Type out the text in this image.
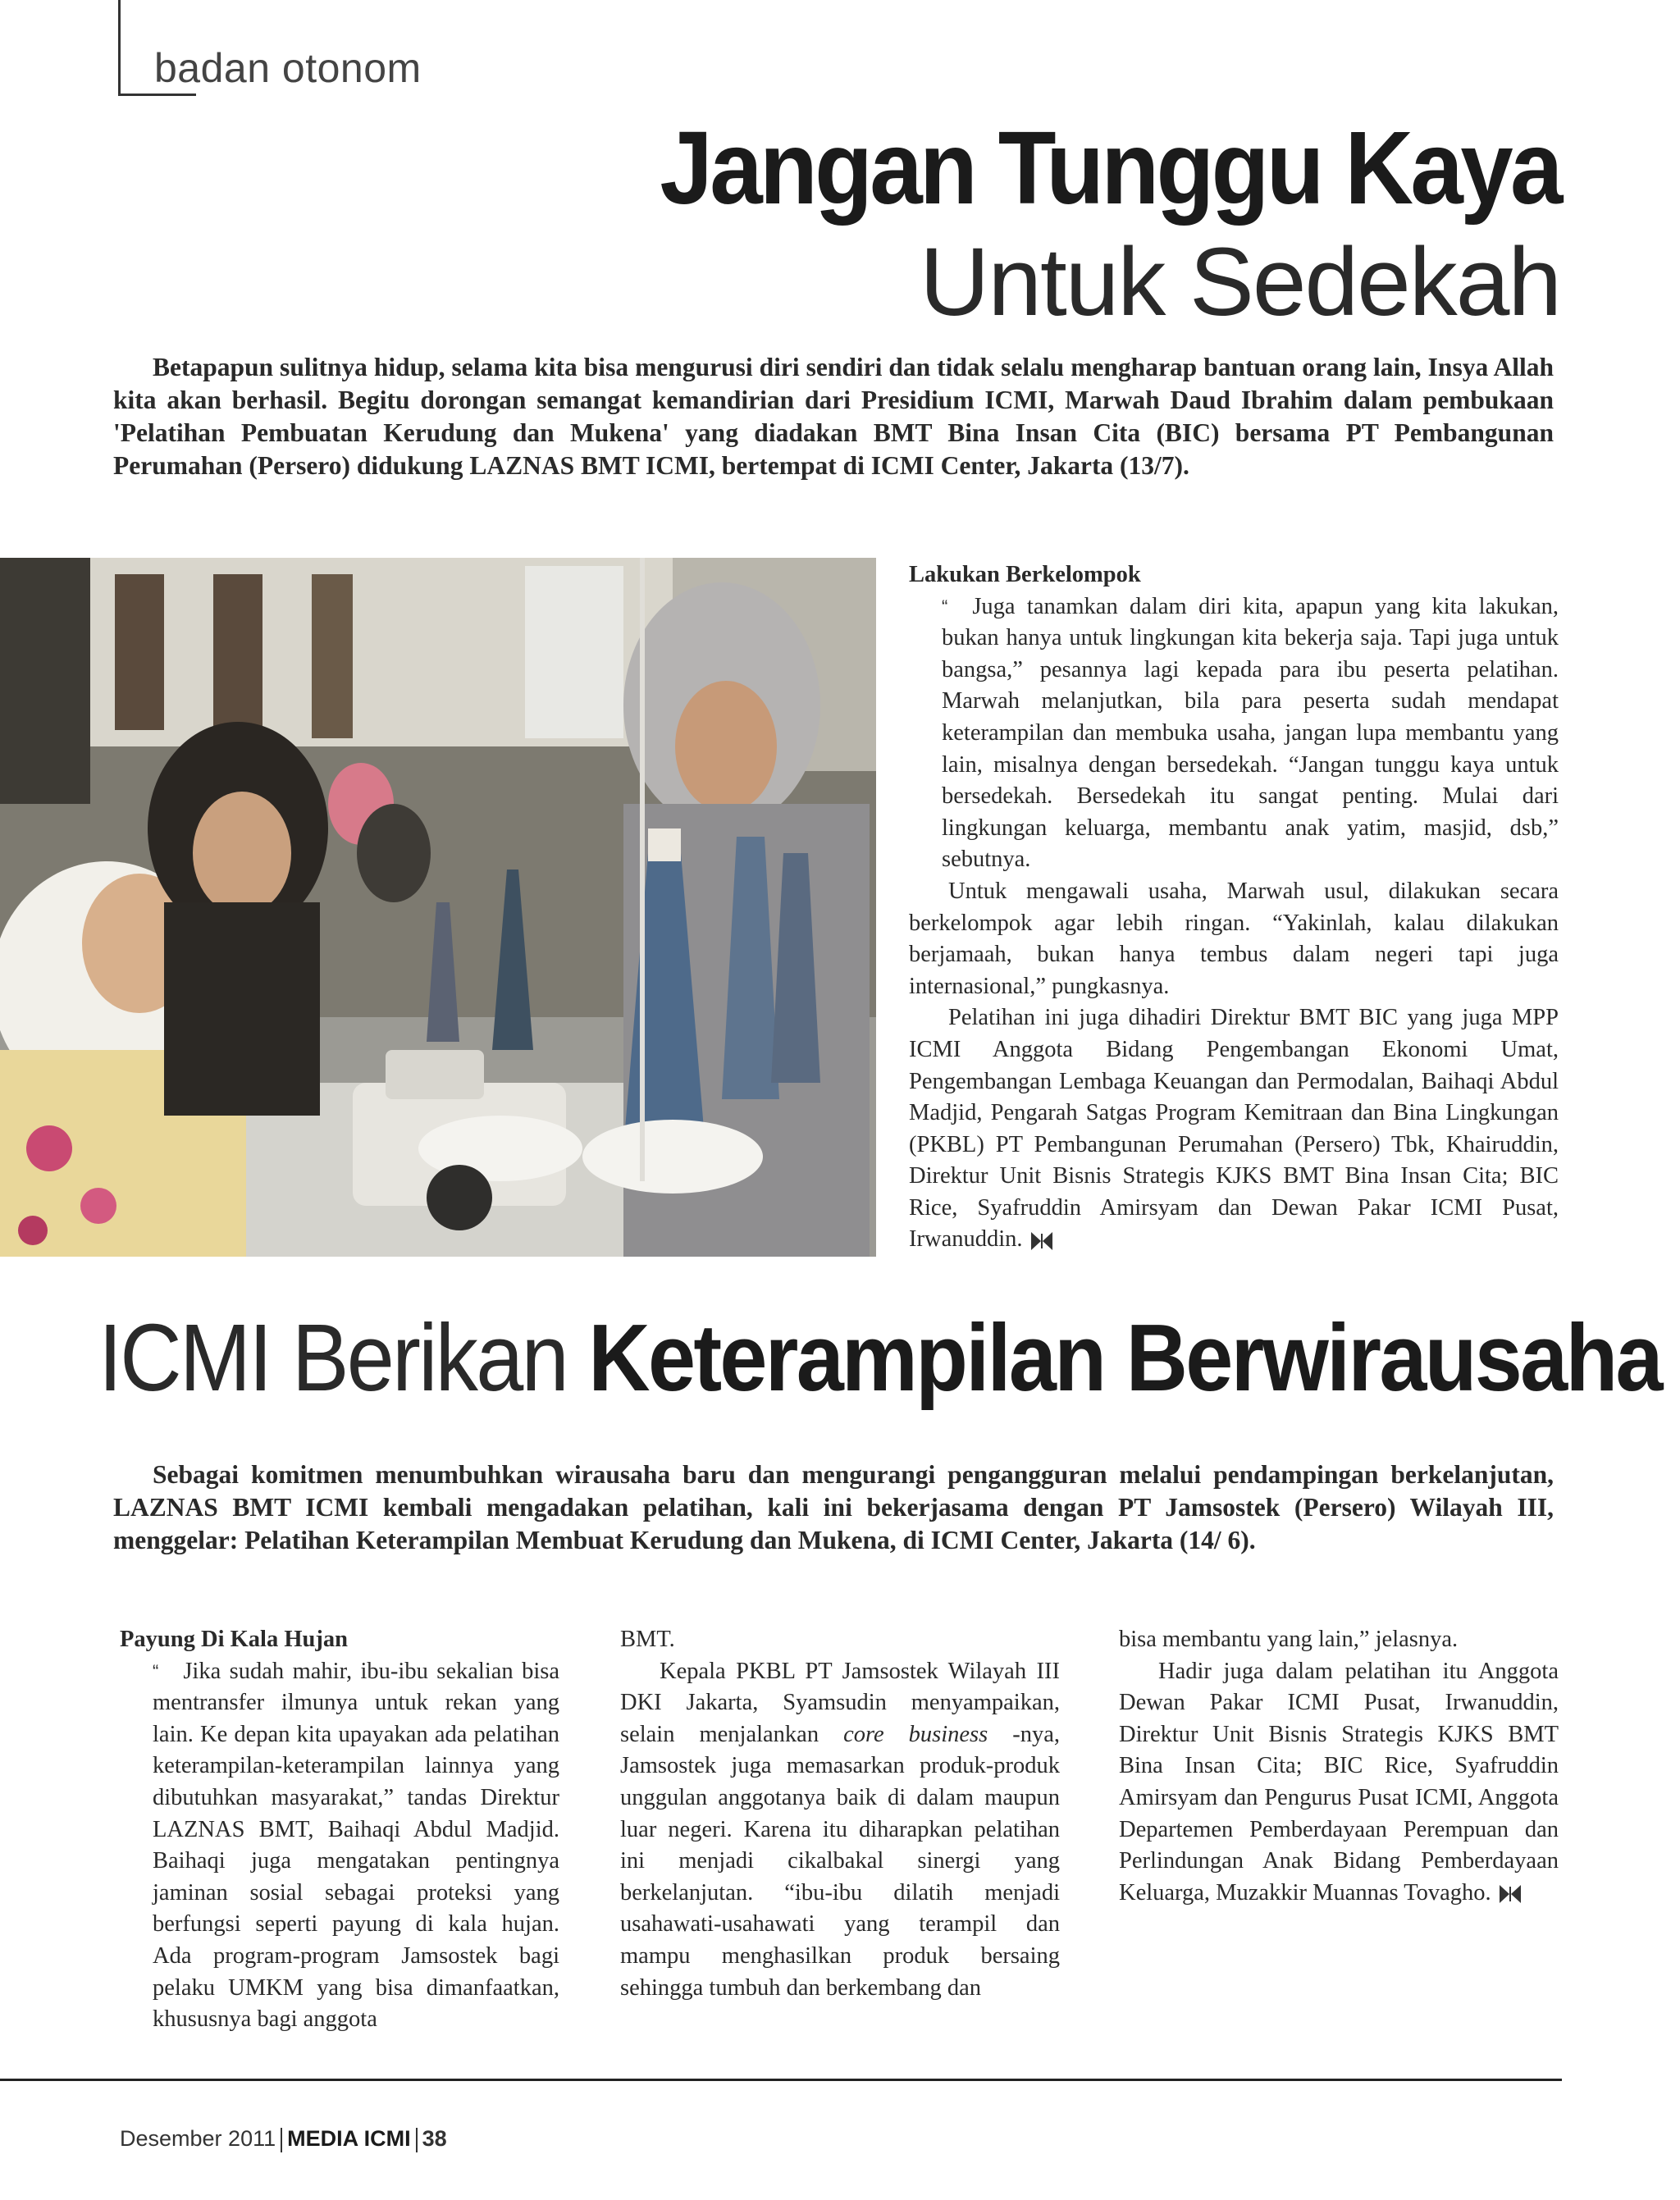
badan otonom
Jangan Tunggu Kaya
Untuk Sedekah

Betapapun sulitnya hidup, selama kita bisa mengurusi diri sendiri dan tidak selalu mengharap bantuan orang lain, Insya Allah kita akan berhasil. Begitu dorongan semangat kemandirian dari Presidium ICMI, Marwah Daud Ibrahim dalam pembukaan 'Pelatihan Pembuatan Kerudung dan Mukena' yang diadakan BMT Bina Insan Cita (BIC) bersama PT Pembangunan Perumahan (Persero) didukung LAZNAS BMT ICMI, bertempat di ICMI Center, Jakarta (13/7).

Lakukan Berkelompok

“ Juga tanamkan dalam diri kita, apapun yang kita lakukan, bukan hanya untuk lingkungan kita bekerja saja. Tapi juga untuk bangsa,” pesannya lagi kepada para ibu peserta pelatihan. Marwah melanjutkan, bila para peserta sudah mendapat keterampilan dan membuka usaha, jangan lupa membantu yang lain, misalnya dengan bersedekah. “Jangan tunggu kaya untuk bersedekah. Bersedekah itu sangat penting. Mulai dari lingkungan keluarga, membantu anak yatim, masjid, dsb,” sebutnya.

Untuk mengawali usaha, Marwah usul, dilakukan secara berkelompok agar lebih ringan. “Yakinlah, kalau dilakukan berjamaah, bukan hanya tembus dalam negeri tapi juga internasional,” pungkasnya.

Pelatihan ini juga dihadiri Direktur BMT BIC yang juga MPP ICMI Anggota Bidang Pengembangan Ekonomi Umat, Pengembangan Lembaga Keuangan dan Permodalan, Baihaqi Abdul Madjid, Pengarah Satgas Program Kemitraan dan Bina Lingkungan (PKBL) PT Pembangunan Perumahan (Persero) Tbk, Khairuddin, Direktur Unit Bisnis Strategis KJKS BMT Bina Insan Cita; BIC Rice, Syafruddin Amirsyam dan Dewan Pakar ICMI Pusat, Irwanuddin.

ICMI Berikan Keterampilan Berwirausaha

Sebagai komitmen menumbuhkan wirausaha baru dan mengurangi pengangguran melalui pendampingan berkelanjutan, LAZNAS BMT ICMI kembali mengadakan pelatihan, kali ini bekerjasama dengan PT Jamsostek (Persero) Wilayah III, menggelar: Pelatihan Keterampilan Membuat Kerudung dan Mukena, di ICMI Center, Jakarta (14/ 6).

Payung Di Kala Hujan

“ Jika sudah mahir, ibu-ibu sekalian bisa mentransfer ilmunya untuk rekan yang lain. Ke depan kita upayakan ada pelatihan keterampilan-keterampilan lainnya yang dibutuhkan masyarakat,” tandas Direktur LAZNAS BMT, Baihaqi Abdul Madjid. Baihaqi juga mengatakan pentingnya jaminan sosial sebagai proteksi yang berfungsi seperti payung di kala hujan. Ada program-program Jamsostek bagi pelaku UMKM yang bisa dimanfaatkan, khususnya bagi anggota

BMT.

Kepala PKBL PT Jamsostek Wilayah III DKI Jakarta, Syamsudin menyampaikan, selain menjalankan core business -nya, Jamsostek juga memasarkan produk-produk unggulan anggotanya baik di dalam maupun luar negeri. Karena itu diharapkan pelatihan ini menjadi cikalbakal sinergi yang berkelanjutan. “ibu-ibu dilatih menjadi usahawati-usahawati yang terampil dan mampu menghasilkan produk bersaing sehingga tumbuh dan berkembang dan

bisa membantu yang lain,” jelasnya.

Hadir juga dalam pelatihan itu Anggota Dewan Pakar ICMI Pusat, Irwanuddin, Direktur Unit Bisnis Strategis KJKS BMT Bina Insan Cita; BIC Rice, Syafruddin Amirsyam dan Pengurus Pusat ICMI, Anggota Departemen Pemberdayaan Perempuan dan Perlindungan Anak Bidang Pemberdayaan Keluarga, Muzakkir Muannas Tovagho.

Desember 2011 MEDIA ICMI 38
